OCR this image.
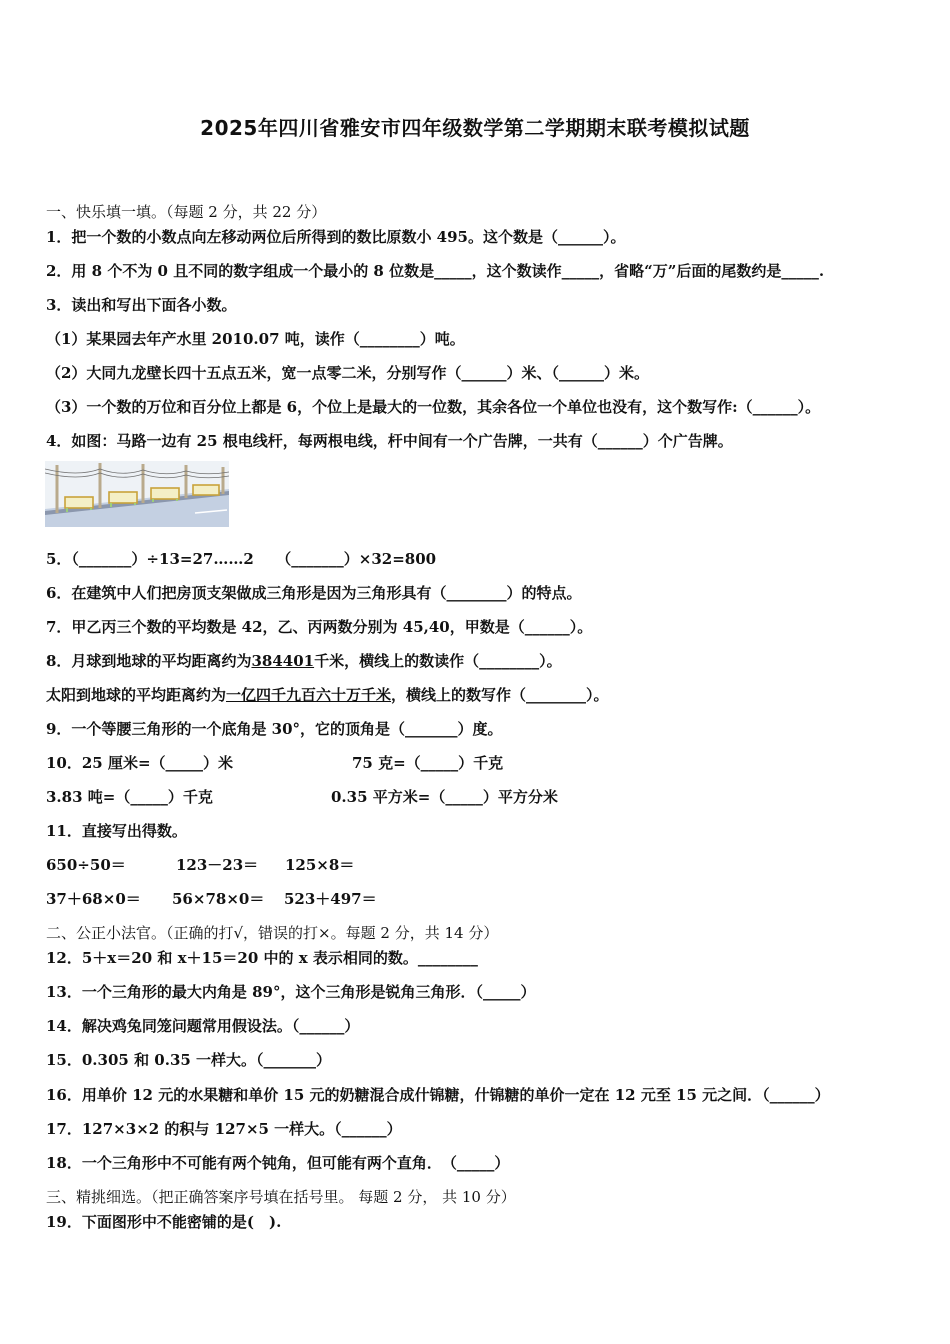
2025年四川省雅安市四年级数学第二学期期末联考模拟试题
一、快乐填一填。（每题 2 分，共 22 分）
1．把一个数的小数点向左移动两位后所得到的数比原数小 495。这个数是（______）。
2．用 8 个不为 0 且不同的数字组成一个最小的 8 位数是_____，这个数读作_____，省略“万”后面的尾数约是_____.
3．读出和写出下面各小数。
（1）某果园去年产水里 2010.07 吨，读作（________）吨。
（2）大同九龙壁长四十五点五米，宽一点零二米，分别写作（______）米、（______）米。
（3）一个数的万位和百分位上都是 6，个位上是最大的一位数，其余各位一个单位也没有，这个数写作:（______）。
4．如图：马路一边有 25 根电线杆，每两根电线，杆中间有一个广告牌，一共有（______）个广告牌。
5．（_______）÷13=27……2　　（_______）×32=800
6．在建筑中人们把房顶支架做成三角形是因为三角形具有（________）的特点。
7．甲乙丙三个数的平均数是 42，乙、丙两数分别为 45,40，甲数是（______）。
8．月球到地球的平均距离约为384401千米，横线上的数读作（________）。
太阳到地球的平均距离约为一亿四千九百六十万千米，横线上的数写作（________）。
9．一个等腰三角形的一个底角是 30°，它的顶角是（_______）度。
10．25 厘米=（_____）米	75 克=（_____）千克
3.83 吨=（_____）千克	0.35 平方米=（_____）平方分米
11．直接写出得数。
650÷50＝	123－23＝ 125×8＝
37＋68×0＝ 56×78×0＝ 523＋497＝
二、公正小法官。（正确的打√，错误的打×。每题 2 分，共 14 分）
12．5＋x＝20 和 x＋15＝20 中的 x 表示相同的数。________
13．一个三角形的最大内角是 89°，这个三角形是锐角三角形．（_____）
14．解决鸡兔同笼问题常用假设法。（______）
15．0.305 和 0.35 一样大。（_______）
16．用单价 12 元的水果糖和单价 15 元的奶糖混合成什锦糖，什锦糖的单价一定在 12 元至 15 元之间．（______）
17．127×3×2 的积与 127×5 一样大。（______）
18．一个三角形中不可能有两个钝角，但可能有两个直角．　（_____）
三、精挑细选。（把正确答案序号填在括号里。 每题 2 分， 共 10 分）
19．下面图形中不能密铺的是(　).
